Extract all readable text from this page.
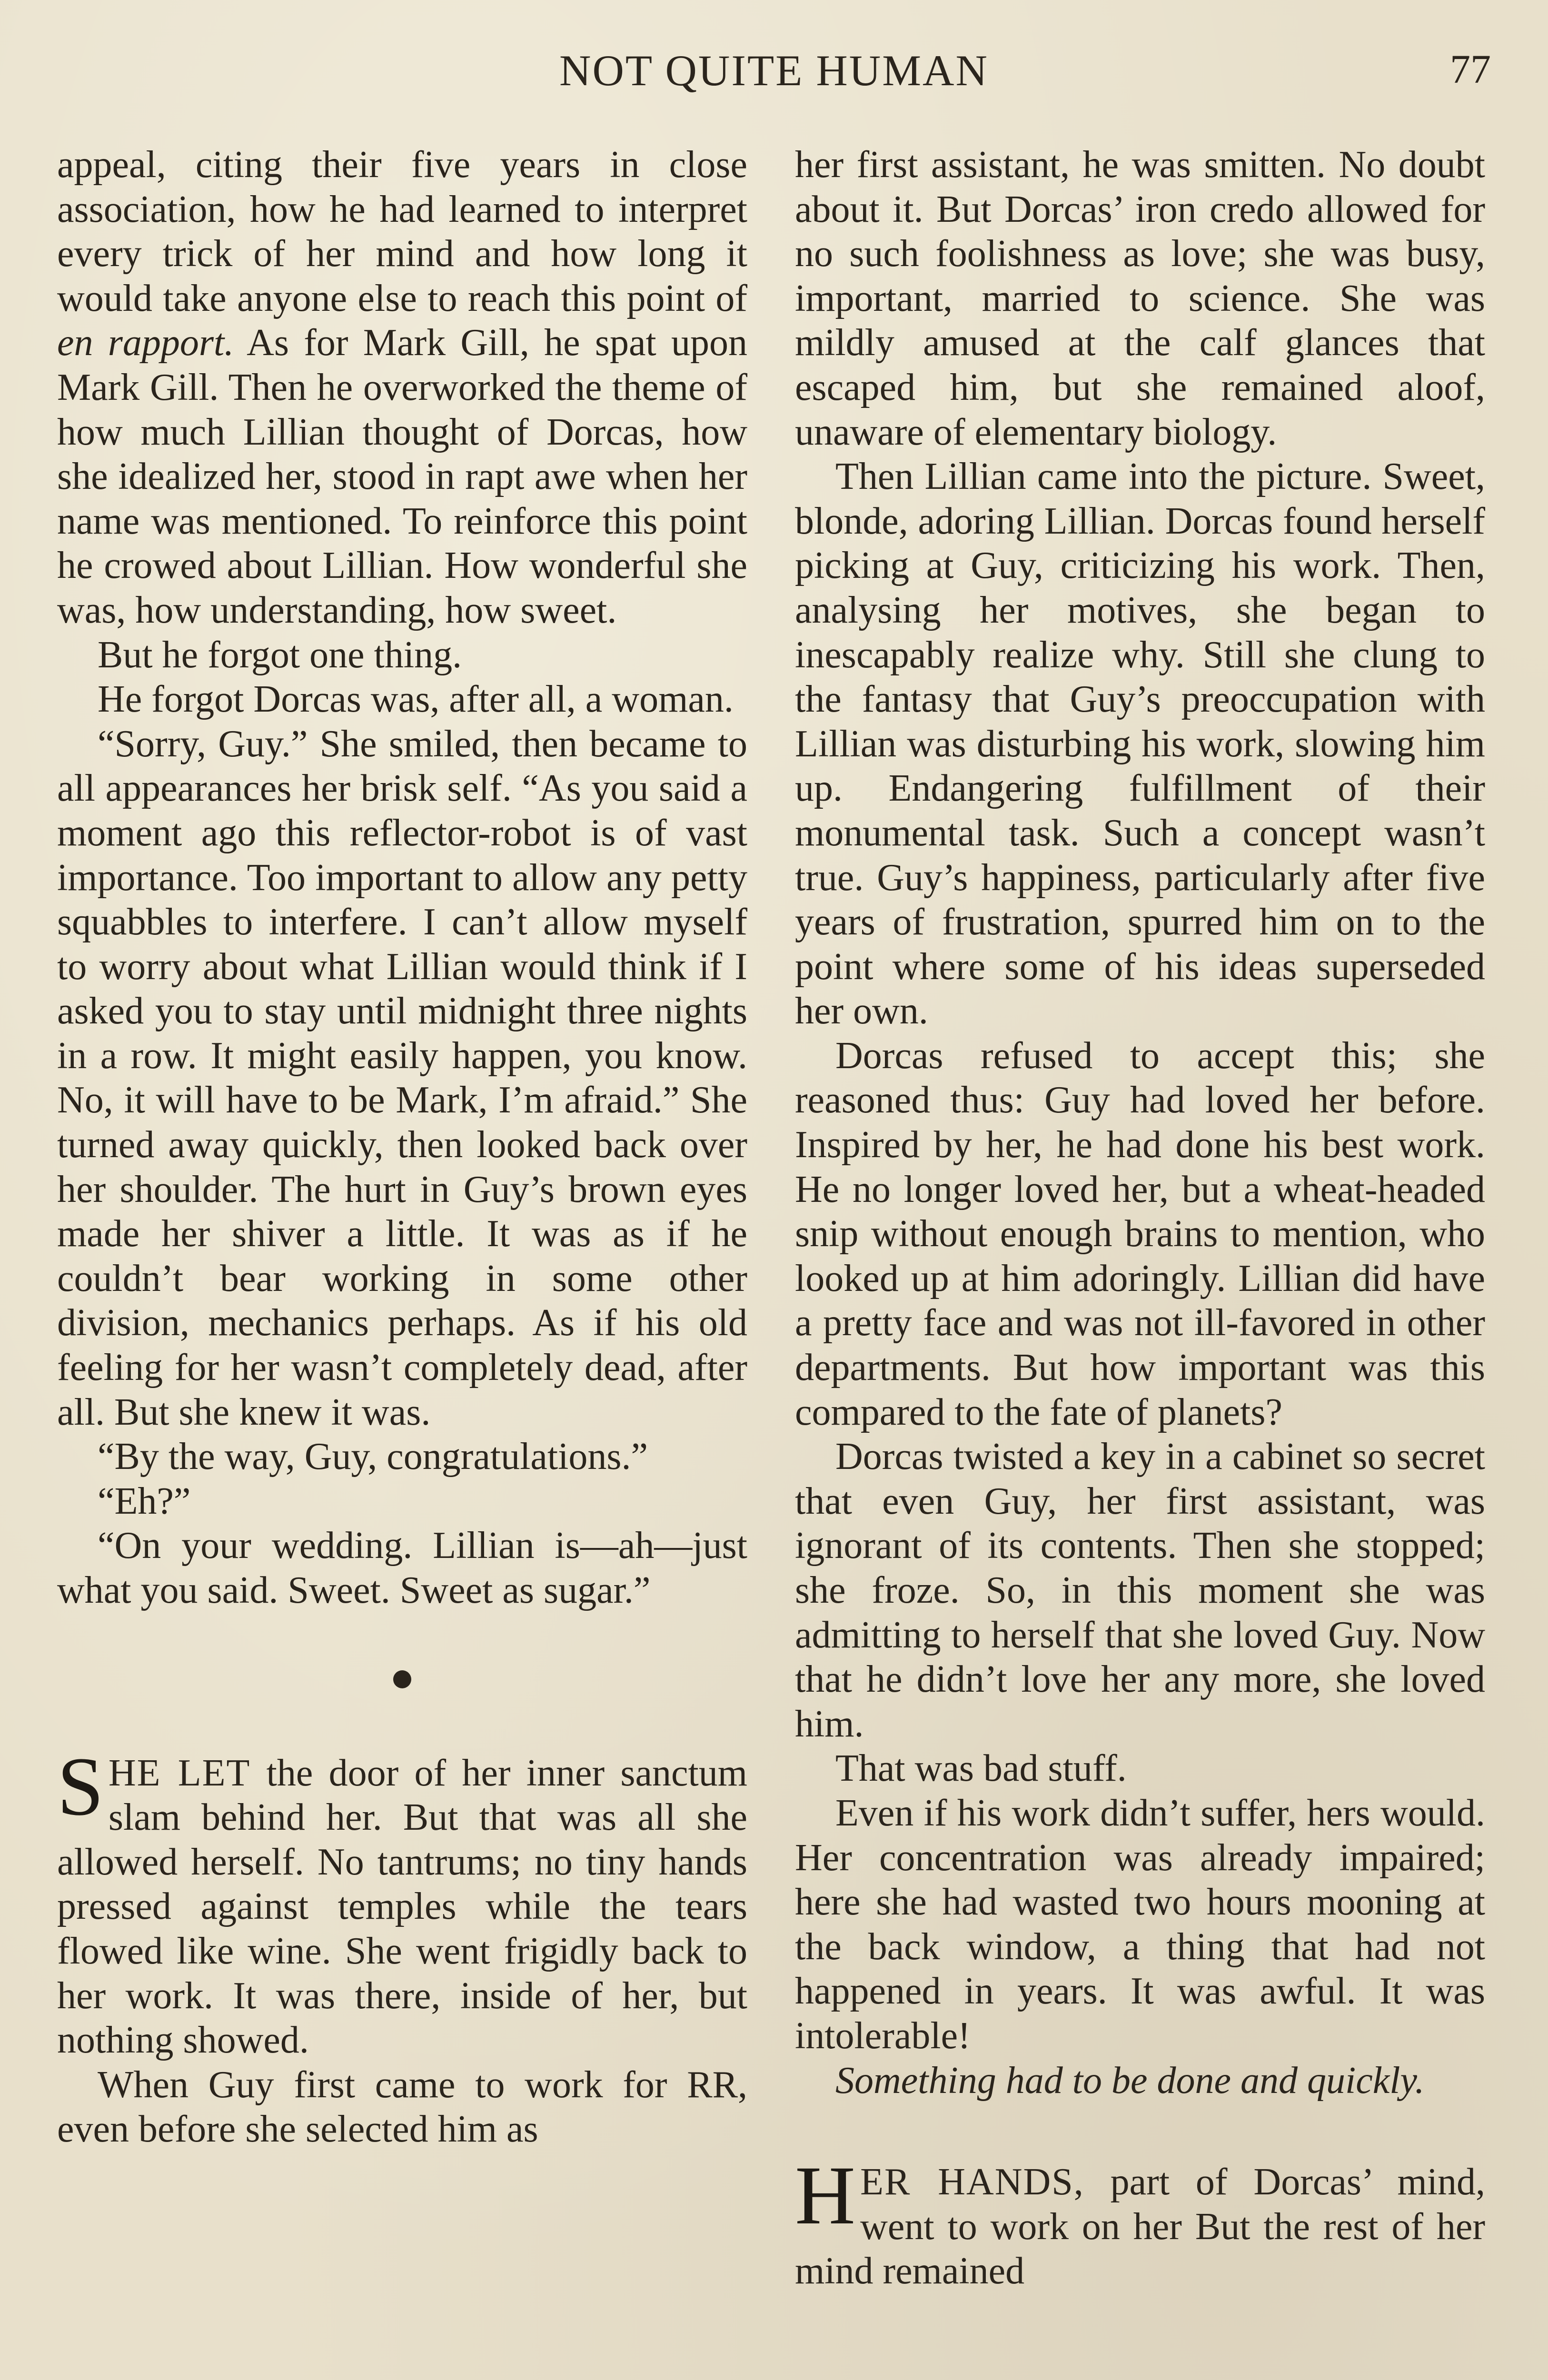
NOT QUITE HUMAN	77

appeal, citing their five years in close association, how he had learned to interpret every trick of her mind and how long it would take anyone else to reach this point of en rapport. As for Mark Gill, he spat upon Mark Gill. Then he overworked the theme of how much Lillian thought of Dorcas, how she idealized her, stood in rapt awe when her name was mentioned. To reinforce this point he crowed about Lillian. How wonderful she was, how understanding, how sweet.

But he forgot one thing.

He forgot Dorcas was, after all, a woman.

“Sorry, Guy.” She smiled, then became to all appearances her brisk self. “As you said a moment ago this reflector-robot is of vast importance. Too important to allow any petty squabbles to interfere. I can’t allow myself to worry about what Lillian would think if I asked you to stay until midnight three nights in a row. It might easily happen, you know. No, it will have to be Mark, I’m afraid.” She turned away quickly, then looked back over her shoulder. The hurt in Guy’s brown eyes made her shiver a little. It was as if he couldn’t bear working in some other division, mechanics perhaps. As if his old feeling for her wasn’t completely dead, after all. But she knew it was.

“By the way, Guy, congratulations.”

“Eh?”

“On your wedding. Lillian is—ah—just what you said. Sweet. Sweet as sugar.”

SHE LET the door of her inner sanctum slam behind her. But that was all she allowed herself. No tantrums; no tiny hands pressed against temples while the tears flowed like wine. She went frigidly back to her work. It was there, inside of her, but nothing showed.

When Guy first came to work for RR, even before she selected him as

her first assistant, he was smitten. No doubt about it. But Dorcas’ iron credo allowed for no such foolishness as love; she was busy, important, married to science. She was mildly amused at the calf glances that escaped him, but she remained aloof, unaware of elementary biology.

Then Lillian came into the picture. Sweet, blonde, adoring Lillian. Dorcas found herself picking at Guy, criticizing his work. Then, analysing her motives, she began to inescapably realize why. Still she clung to the fantasy that Guy’s preoccupation with Lillian was disturbing his work, slowing him up. Endangering fulfillment of their monumental task. Such a concept wasn’t true. Guy’s happiness, particularly after five years of frustration, spurred him on to the point where some of his ideas superseded her own.

Dorcas refused to accept this; she reasoned thus: Guy had loved her before. Inspired by her, he had done his best work. He no longer loved her, but a wheat-headed snip without enough brains to mention, who looked up at him adoringly. Lillian did have a pretty face and was not ill-favored in other departments. But how important was this compared to the fate of planets?

Dorcas twisted a key in a cabinet so secret that even Guy, her first assistant, was ignorant of its contents. Then she stopped; she froze. So, in this moment she was admitting to herself that she loved Guy. Now that he didn’t love her any more, she loved him.

That was bad stuff.

Even if his work didn’t suffer, hers would. Her concentration was already impaired; here she had wasted two hours mooning at the back window, a thing that had not happened in years. It was awful. It was intolerable!

Something had to be done and quickly.

HER HANDS, part of Dorcas’ mind, went to work on her But the rest of her mind remained
